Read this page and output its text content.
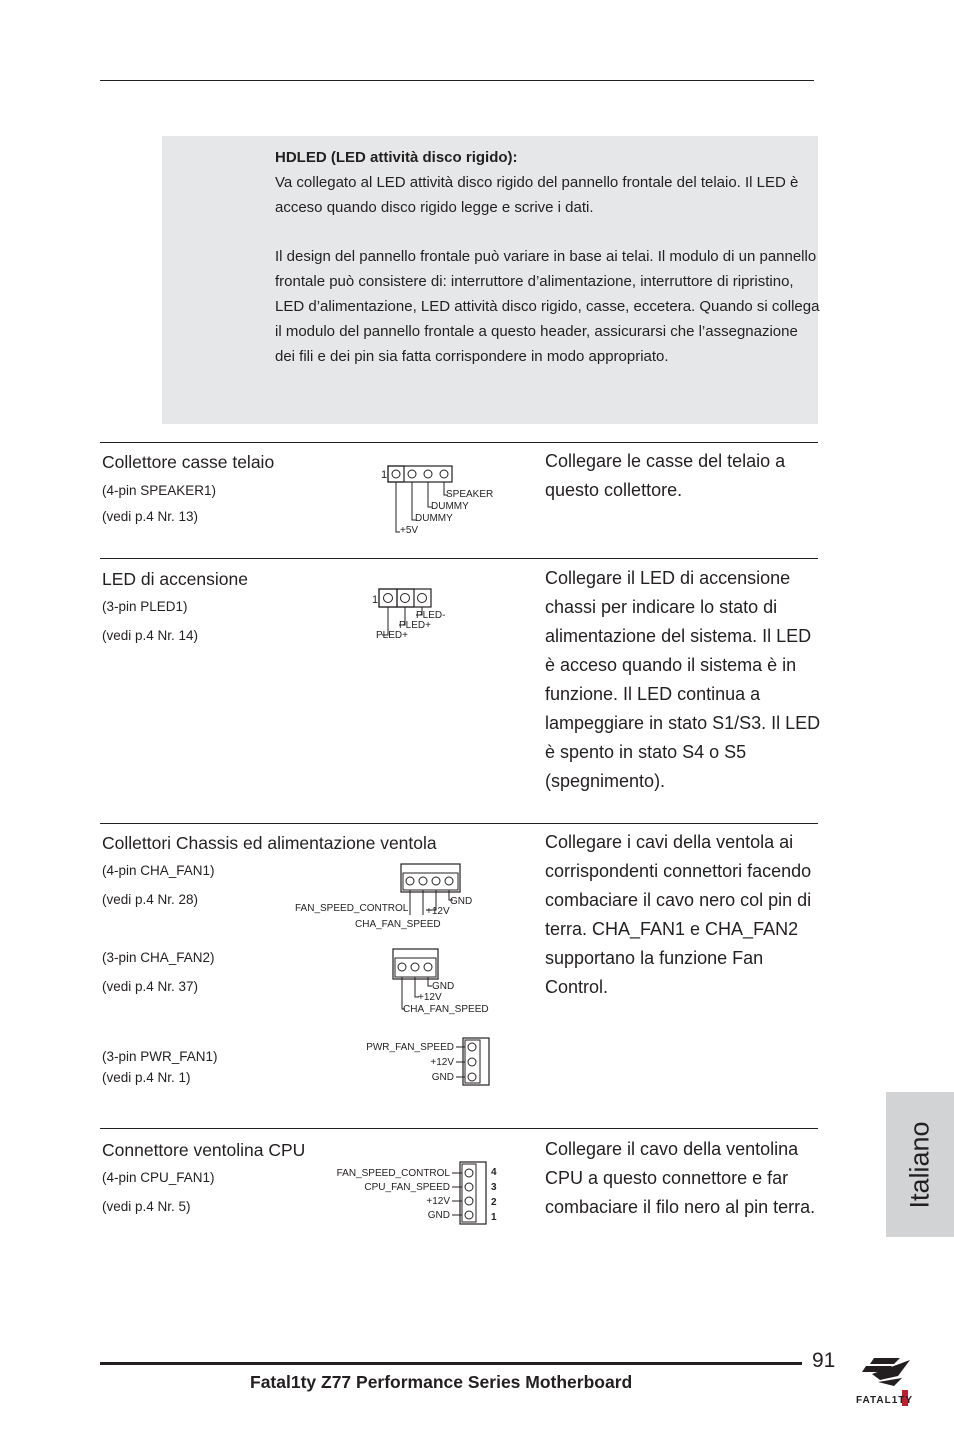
HDLED (LED attività disco rigido):
Va collegato al LED attività disco rigido del pannello frontale del telaio. Il LED è acceso quando disco rigido legge e scrive i dati.
Il design del pannello frontale può variare in base ai telai. Il modulo di un pannello frontale può consistere di: interruttore d’alimentazione, interruttore di ripristino, LED d’alimentazione, LED attività disco rigido, casse, eccetera. Quando si collega il modulo del pannello frontale a questo header, assicurarsi che l’assegnazione dei fili e dei pin sia fatta corrispondere in modo appropriato.
Collettore casse telaio
(4-pin SPEAKER1)
(vedi p.4 Nr. 13)
Collegare le casse del telaio a questo collettore.
1
SPEAKER
DUMMY
DUMMY
+5V
LED di accensione
(3-pin PLED1)
(vedi p.4 Nr. 14)
Collegare il LED di accensione chassi per indicare lo stato di alimentazione del sistema. Il LED è acceso quando il sistema è in funzione. Il LED continua a lampeggiare in stato S1/S3. Il LED è spento in stato S4 o S5 (spegnimento).
1
PLED-
PLED+
PLED+
Collettori Chassis ed alimentazione ventola
(4-pin CHA_FAN1)
(vedi p.4 Nr. 28)
(3-pin CHA_FAN2)
(vedi p.4 Nr. 37)
(3-pin PWR_FAN1)
(vedi p.4 Nr. 1)
Collegare i cavi della ventola ai corrispondenti connettori facendo combaciare il cavo nero col pin di terra. CHA_FAN1 e CHA_FAN2 supportano la funzione Fan Control.
GND
+12V
FAN_SPEED_CONTROL
CHA_FAN_SPEED
GND
+12V
CHA_FAN_SPEED
PWR_FAN_SPEED
+12V
GND
Connettore ventolina CPU
(4-pin CPU_FAN1)
(vedi p.4 Nr. 5)
Collegare il cavo della ventolina CPU a questo connettore e far combaciare il filo nero al pin terra.
FAN_SPEED_CONTROL
CPU_FAN_SPEED
+12V
GND
4
3
2
1
Italiano
Fatal1ty Z77 Performance Series Motherboard
91
FATAL1TY
